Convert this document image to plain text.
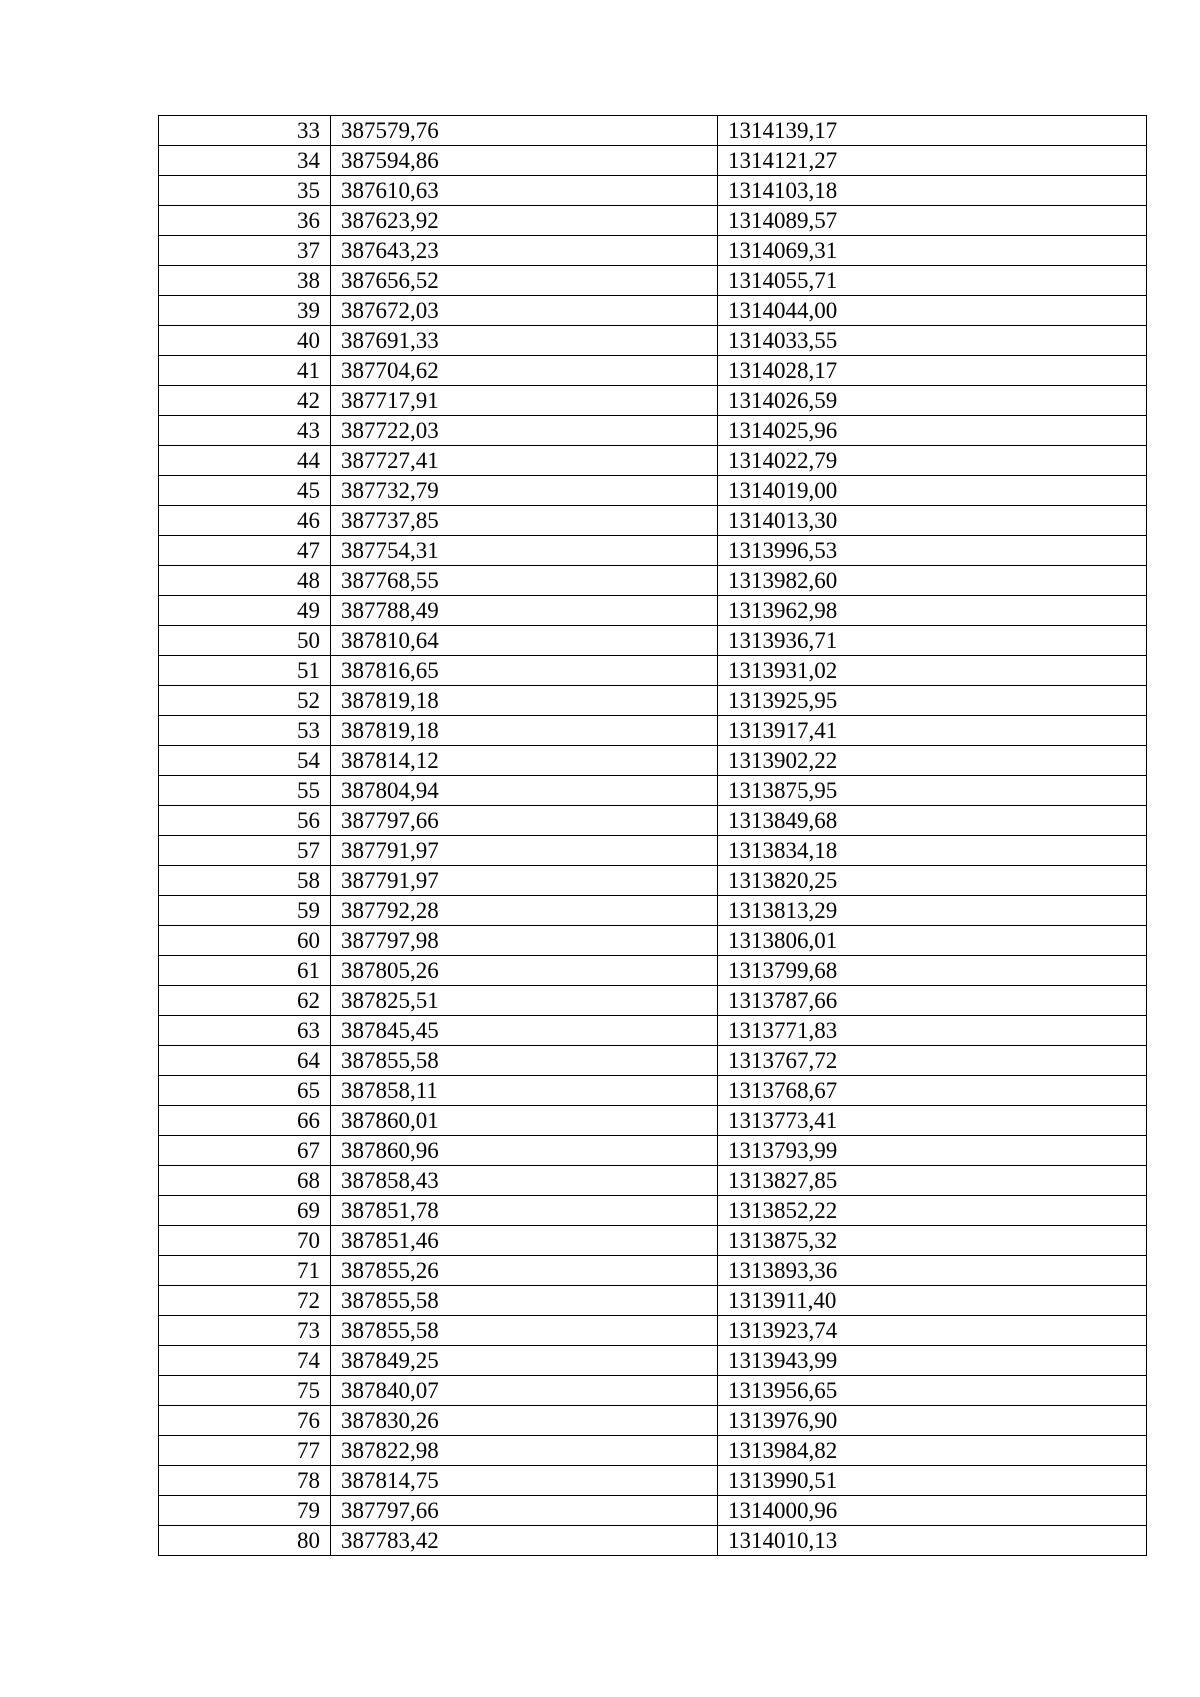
33	387579,76	1314139,17
34	387594,86	1314121,27
35	387610,63	1314103,18
36	387623,92	1314089,57
37	387643,23	1314069,31
38	387656,52	1314055,71
39	387672,03	1314044,00
40	387691,33	1314033,55
41	387704,62	1314028,17
42	387717,91	1314026,59
43	387722,03	1314025,96
44	387727,41	1314022,79
45	387732,79	1314019,00
46	387737,85	1314013,30
47	387754,31	1313996,53
48	387768,55	1313982,60
49	387788,49	1313962,98
50	387810,64	1313936,71
51	387816,65	1313931,02
52	387819,18	1313925,95
53	387819,18	1313917,41
54	387814,12	1313902,22
55	387804,94	1313875,95
56	387797,66	1313849,68
57	387791,97	1313834,18
58	387791,97	1313820,25
59	387792,28	1313813,29
60	387797,98	1313806,01
61	387805,26	1313799,68
62	387825,51	1313787,66
63	387845,45	1313771,83
64	387855,58	1313767,72
65	387858,11	1313768,67
66	387860,01	1313773,41
67	387860,96	1313793,99
68	387858,43	1313827,85
69	387851,78	1313852,22
70	387851,46	1313875,32
71	387855,26	1313893,36
72	387855,58	1313911,40
73	387855,58	1313923,74
74	387849,25	1313943,99
75	387840,07	1313956,65
76	387830,26	1313976,90
77	387822,98	1313984,82
78	387814,75	1313990,51
79	387797,66	1314000,96
80	387783,42	1314010,13
